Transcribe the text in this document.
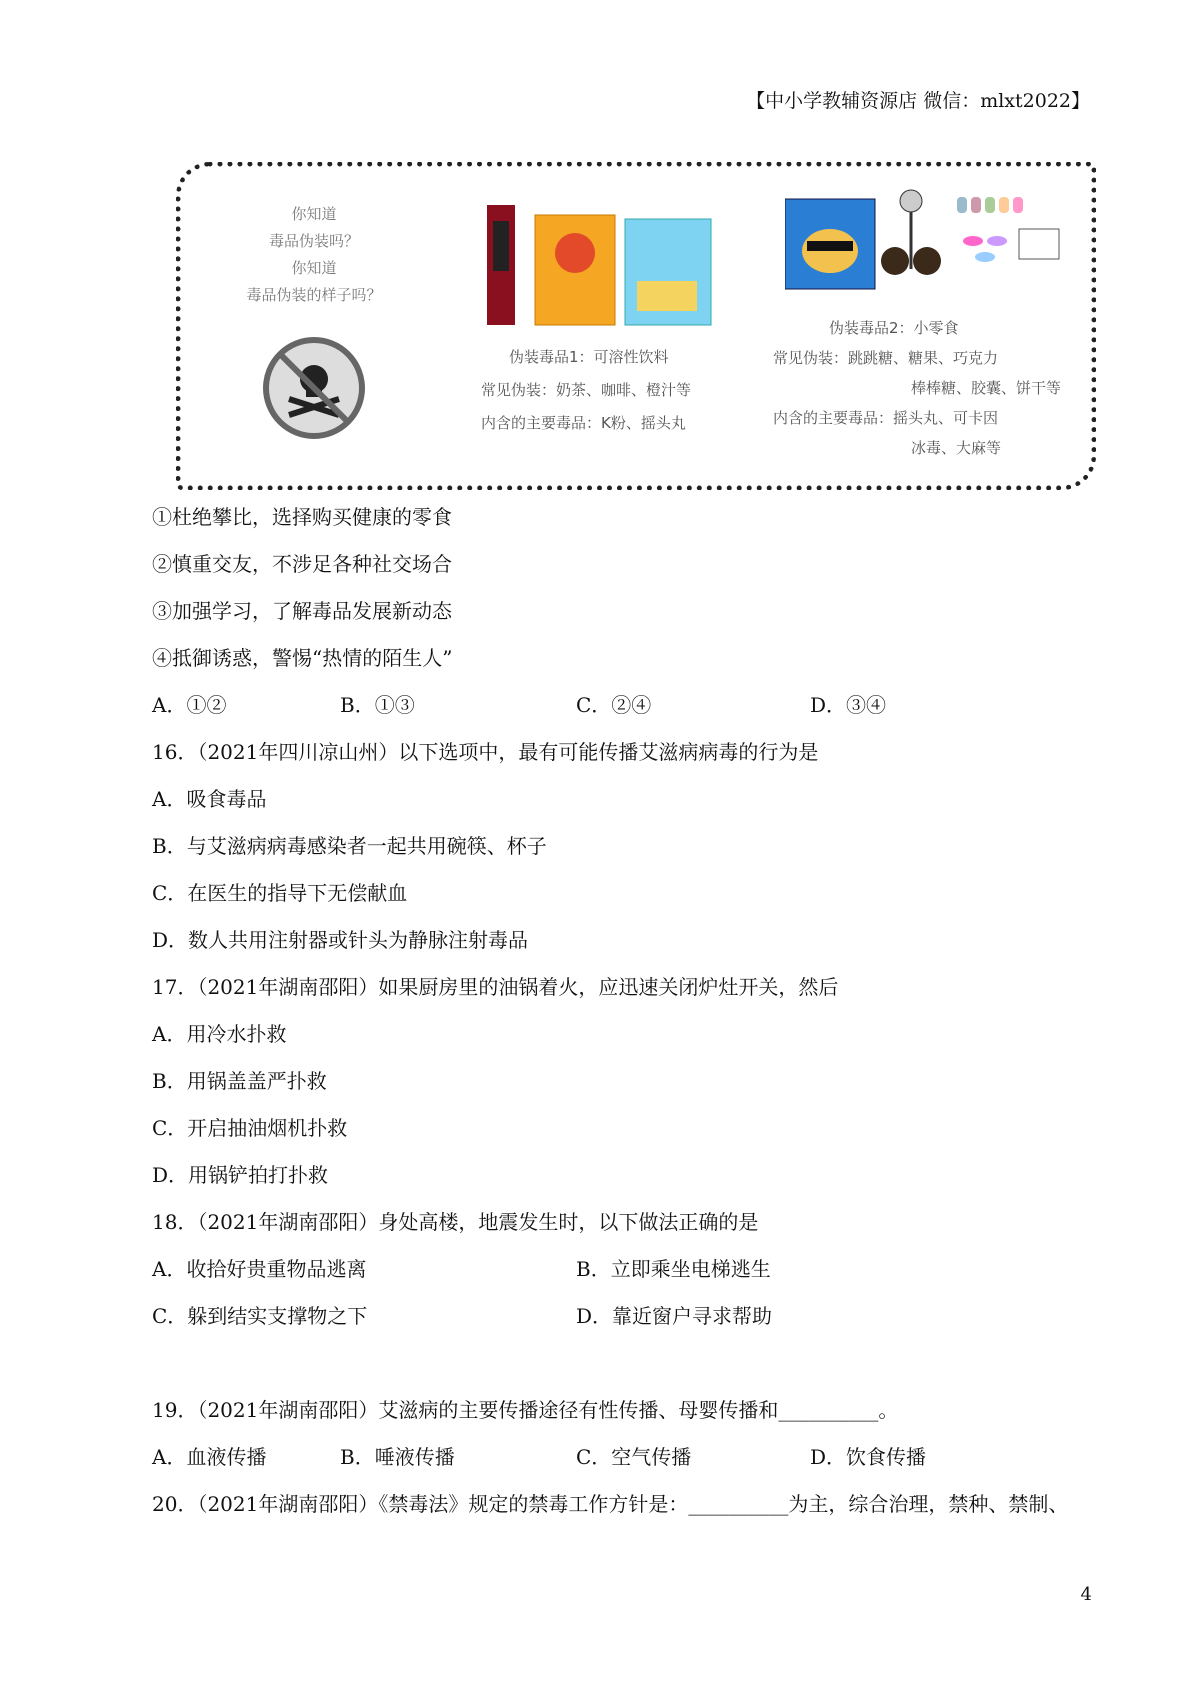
【中小学教辅资源店 微信：mlxt2022】
你知道
毒品伪装吗？
你知道
毒品伪装的样子吗？
伪装毒品1：可溶性饮料
常见伪装：奶茶、咖啡、橙汁等
内含的主要毒品：K粉、摇头丸
伪装毒品2：小零食
常见伪装：跳跳糖、糖果、巧克力
棒棒糖、胶囊、饼干等
内含的主要毒品：摇头丸、可卡因
冰毒、大麻等
①杜绝攀比，选择购买健康的零食
②慎重交友，不涉足各种社交场合
③加强学习，了解毒品发展新动态
④抵御诱惑，警惕“热情的陌生人”
A．①②	B．①③	C．②④	D．③④
16．（2021年四川凉山州）以下选项中，最有可能传播艾滋病病毒的行为是
A．吸食毒品
B．与艾滋病病毒感染者一起共用碗筷、杯子
C．在医生的指导下无偿献血
D．数人共用注射器或针头为静脉注射毒品
17．（2021年湖南邵阳）如果厨房里的油锅着火，应迅速关闭炉灶开关，然后
A．用冷水扑救
B．用锅盖盖严扑救
C．开启抽油烟机扑救
D．用锅铲拍打扑救
18．（2021年湖南邵阳）身处高楼，地震发生时，以下做法正确的是
A．收拾好贵重物品逃离	B．立即乘坐电梯逃生
C．躲到结实支撑物之下	D．靠近窗户寻求帮助
19．（2021年湖南邵阳）艾滋病的主要传播途径有性传播、母婴传播和__________。
A．血液传播	B．唾液传播	C．空气传播	D．饮食传播
20．（2021年湖南邵阳）《禁毒法》规定的禁毒工作方针是：__________为主，综合治理，禁种、禁制、
4
